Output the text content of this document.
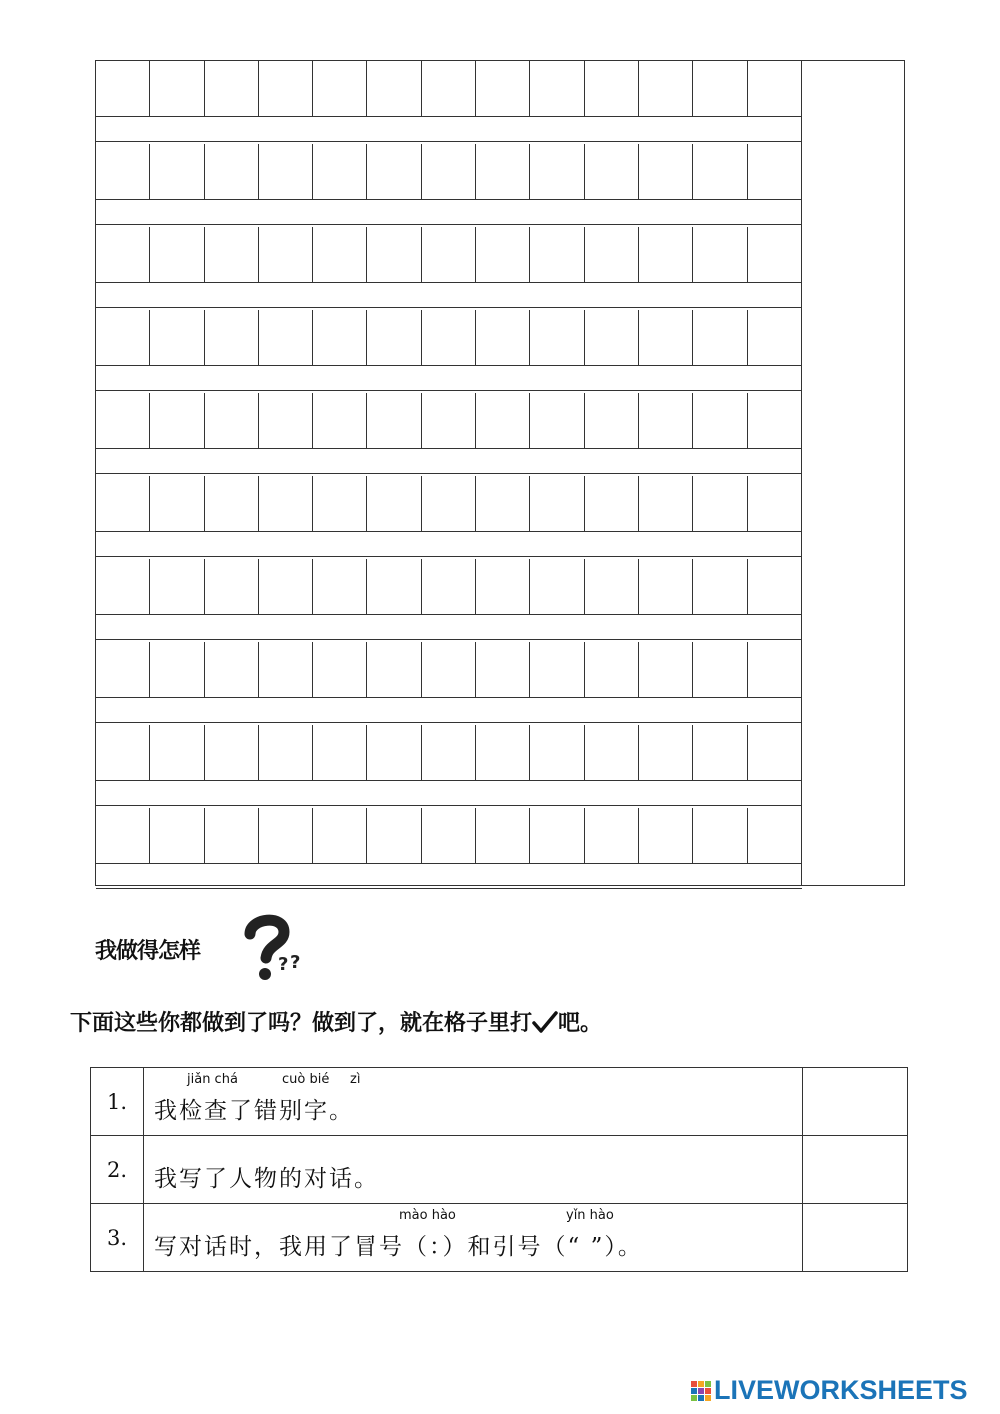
我做得怎样
? ?
下面这些你都做到了吗？做到了，就在格子里打 吧。
1.	jiǎn chá cuò bié zì
我检查了错别字。	

2.	我写了人物的对话。	

3.	mào hào yǐn hào
写对话时，我用了冒号（：）和引号（“ ”）。	

LIVEWORKSHEETS
